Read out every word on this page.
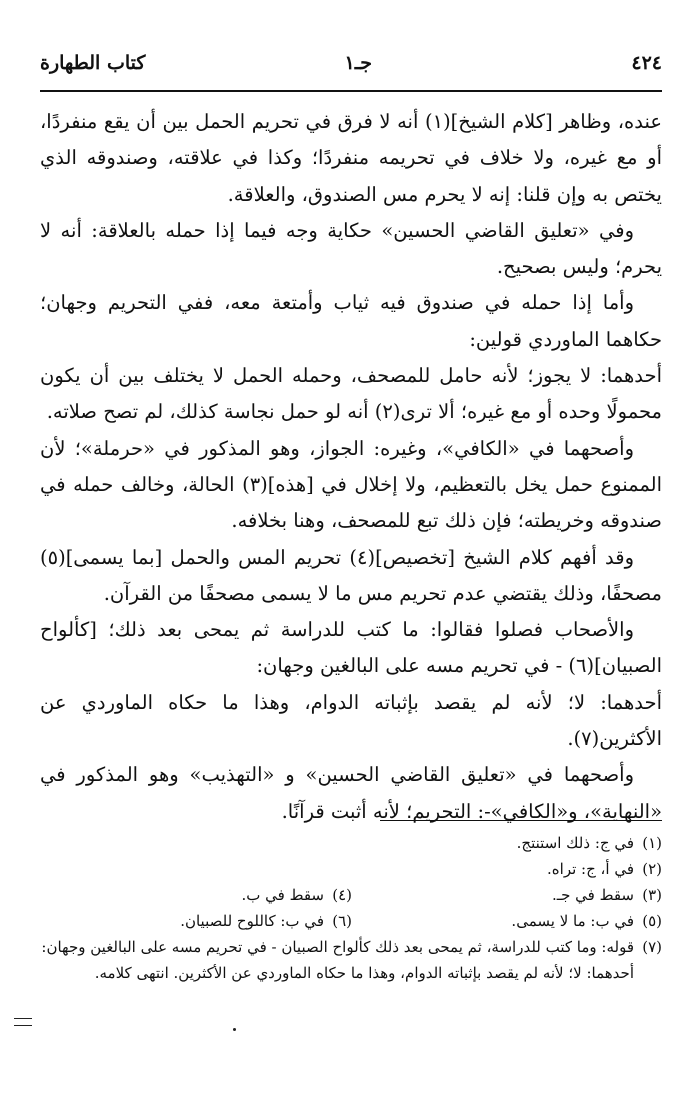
٤٢٤
جـ١
كتاب الطهارة

عنده، وظاهر [كلام الشيخ](١) أنه لا فرق في تحريم الحمل بين أن يقع منفردًا، أو مع غيره، ولا خلاف في تحريمه منفردًا؛ وكذا في علاقته، وصندوقه الذي يختص به وإن قلنا: إنه لا يحرم مس الصندوق، والعلاقة.

وفي «تعليق القاضي الحسين» حكاية وجه فيما إذا حمله بالعلاقة: أنه لا يحرم؛ وليس بصحيح.

وأما إذا حمله في صندوق فيه ثياب وأمتعة معه، ففي التحريم وجهان؛ حكاهما الماوردي قولين:

أحدهما: لا يجوز؛ لأنه حامل للمصحف، وحمله الحمل لا يختلف بين أن يكون محمولًا وحده أو مع غيره؛ ألا ترى(٢) أنه لو حمل نجاسة كذلك، لم تصح صلاته.

وأصحهما في «الكافي»، وغيره: الجواز، وهو المذكور في «حرملة»؛ لأن الممنوع حمل يخل بالتعظيم، ولا إخلال في [هذه](٣) الحالة، وخالف حمله في صندوقه وخريطته؛ فإن ذلك تبع للمصحف، وهنا بخلافه.

وقد أفهم كلام الشيخ [تخصيص](٤) تحريم المس والحمل [بما يسمى](٥) مصحفًا، وذلك يقتضي عدم تحريم مس ما لا يسمى مصحفًا من القرآن.

والأصحاب فصلوا فقالوا: ما كتب للدراسة ثم يمحى بعد ذلك؛ [كألواح الصبيان](٦) - في تحريم مسه على البالغين وجهان:

أحدهما: لا؛ لأنه لم يقصد بإثباته الدوام، وهذا ما حكاه الماوردي عن الأكثرين(٧).

وأصحهما في «تعليق القاضي الحسين» و «التهذيب» وهو المذكور في «النهاية»، و«الكافي»-: التحريم؛ لأنه أثبت قرآنًا.

(١)
في ج: ذلك استنتج.
(٢)
في أ، ج: تراه.
(٣)
سقط في جـ.
(٤)
سقط في ب.
(٥)
في ب: ما لا يسمى.
(٦)
في ب: كاللوح للصبيان.
(٧)
قوله: وما كتب للدراسة، ثم يمحى بعد ذلك كألواح الصبيان - في تحريم مسه على البالغين وجهان:
أحدهما: لا؛ لأنه لم يقصد بإثباته الدوام، وهذا ما حكاه الماوردي عن الأكثرين. انتهى كلامه.
